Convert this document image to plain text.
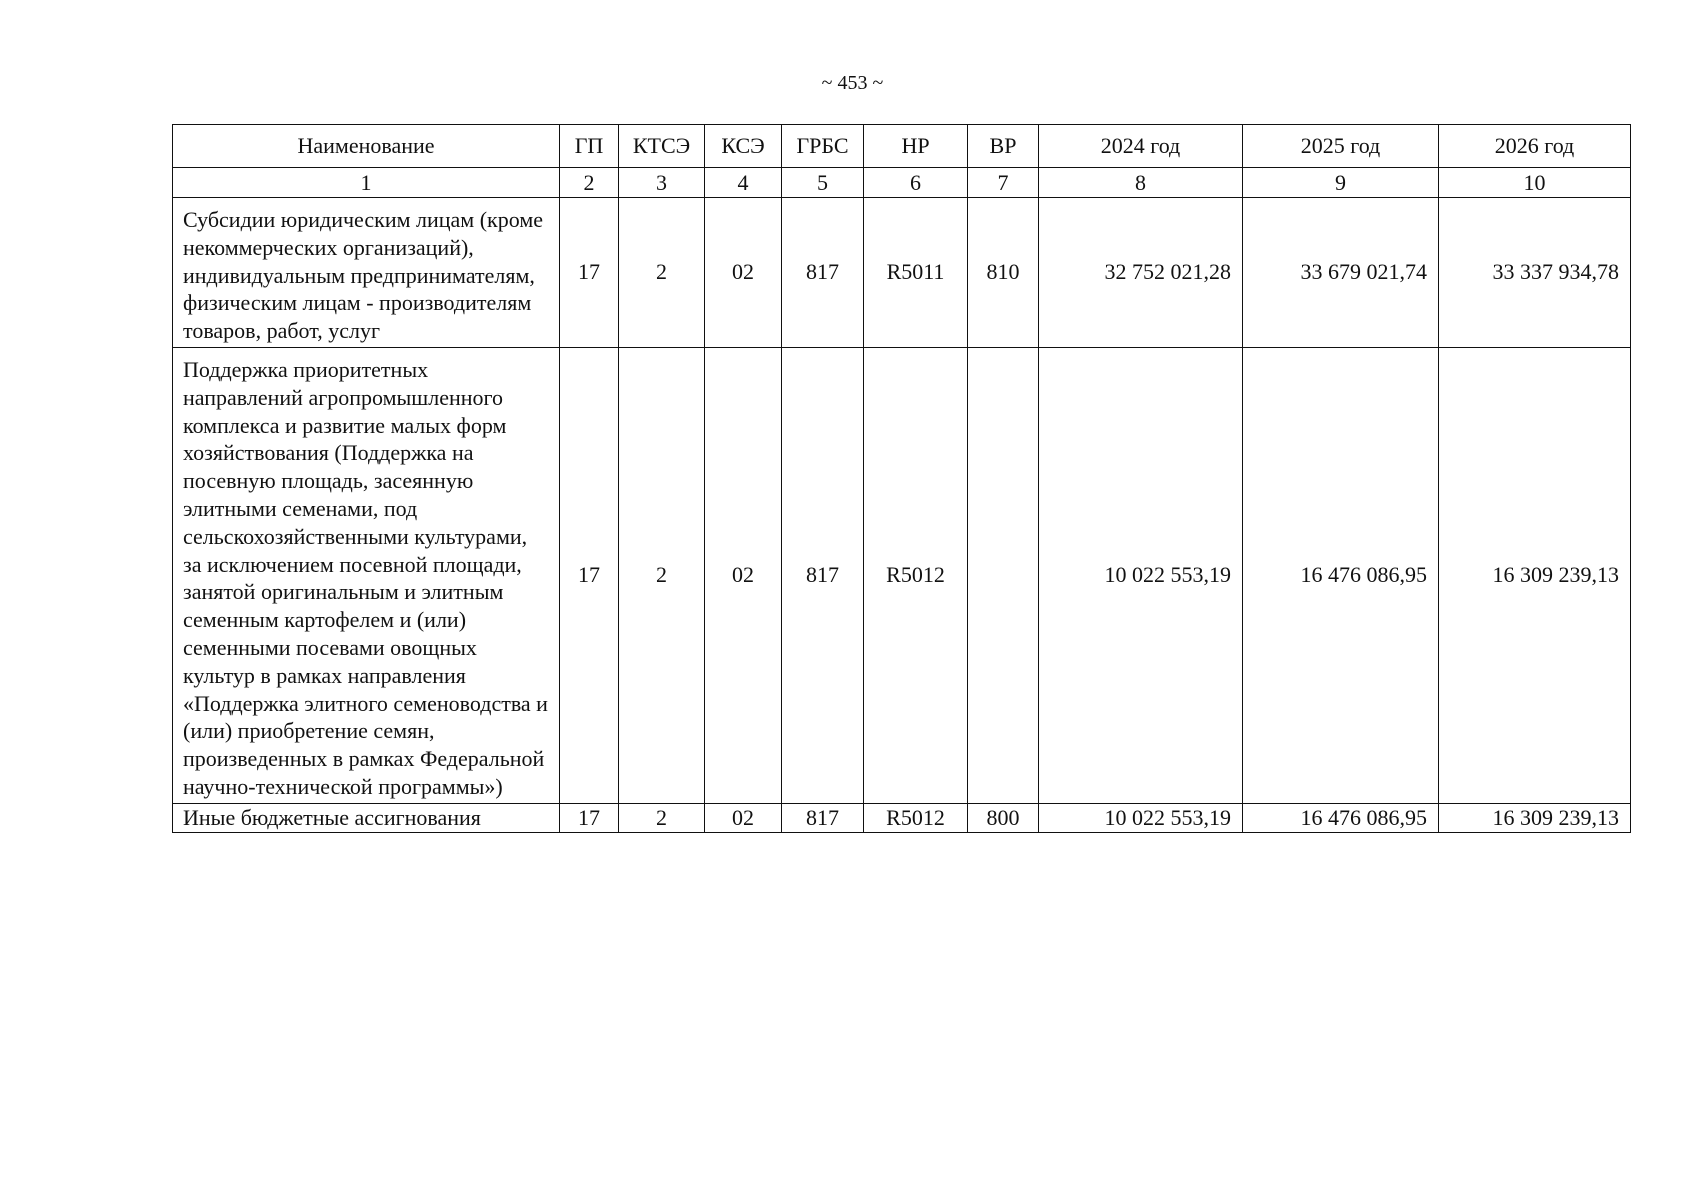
~ 453 ~
Наименование	ГП	КТСЭ	КСЭ	ГРБС	НР	ВР	2024 год	2025 год	2026 год
1	2	3	4	5	6	7	8	9	10
Субсидии юридическим лицам (кроме некоммерческих организаций), индивидуальным предпринимателям, физическим лицам - производителям товаров, работ, услуг	17	2	02	817	R5011	810	32 752 021,28	33 679 021,74	33 337 934,78
Поддержка приоритетных направлений агропромышленного комплекса и развитие малых форм хозяйствования (Поддержка на посевную площадь, засеянную элитными семенами, под сельскохозяйственными культурами, за исключением посевной площади, занятой оригинальным и элитным семенным картофелем и (или) семенными посевами овощных культур в рамках направления «Поддержка элитного семеноводства и (или) приобретение семян, произведенных в рамках Федеральной научно-технической программы»)	17	2	02	817	R5012		10 022 553,19	16 476 086,95	16 309 239,13
Иные бюджетные ассигнования	17	2	02	817	R5012	800	10 022 553,19	16 476 086,95	16 309 239,13
